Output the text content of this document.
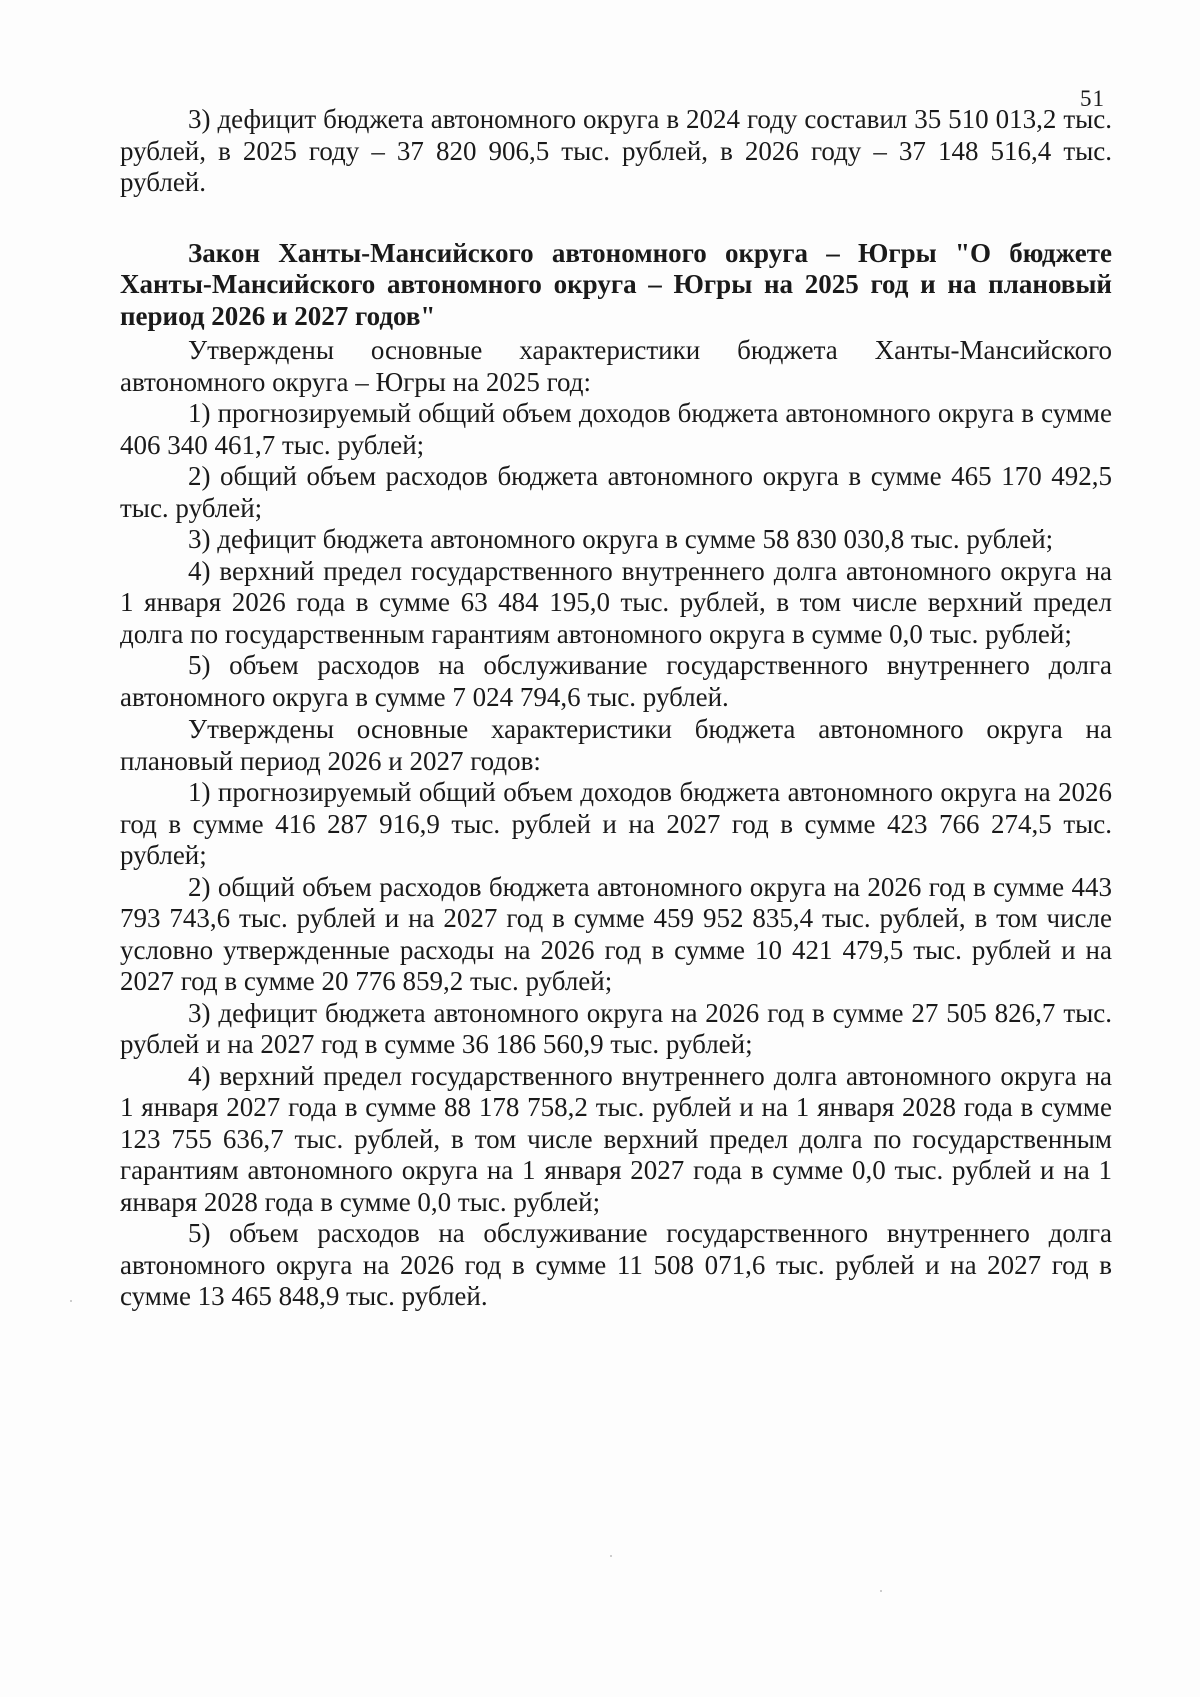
51

3) дефицит бюджета автономного округа в 2024 году составил 35 510 013,2 тыс. рублей, в 2025 году – 37 820 906,5 тыс. рублей, в 2026 году – 37 148 516,4 тыс. рублей.

Закон Ханты-Мансийского автономного округа – Югры "О бюджете Ханты-Мансийского автономного округа – Югры на 2025 год и на плановый период 2026 и 2027 годов"

Утверждены основные характеристики бюджета Ханты-Мансийского автономного округа – Югры на 2025 год:

1) прогнозируемый общий объем доходов бюджета автономного округа в сумме 406 340 461,7 тыс. рублей;

2) общий объем расходов бюджета автономного округа в сумме 465 170 492,5 тыс. рублей;

3) дефицит бюджета автономного округа в сумме 58 830 030,8 тыс. рублей;

4) верхний предел государственного внутреннего долга автономного округа на 1 января 2026 года в сумме 63 484 195,0 тыс. рублей, в том числе верхний предел долга по государственным гарантиям автономного округа в сумме 0,0 тыс. рублей;

5) объем расходов на обслуживание государственного внутреннего долга автономного округа в сумме 7 024 794,6 тыс. рублей.

Утверждены основные характеристики бюджета автономного округа на плановый период 2026 и 2027 годов:

1) прогнозируемый общий объем доходов бюджета автономного округа на 2026 год в сумме 416 287 916,9 тыс. рублей и на 2027 год в сумме 423 766 274,5 тыс. рублей;

2) общий объем расходов бюджета автономного округа на 2026 год в сумме 443 793 743,6 тыс. рублей и на 2027 год в сумме 459 952 835,4 тыс. рублей, в том числе условно утвержденные расходы на 2026 год в сумме 10 421 479,5 тыс. рублей и на 2027 год в сумме 20 776 859,2 тыс. рублей;

3) дефицит бюджета автономного округа на 2026 год в сумме 27 505 826,7 тыс. рублей и на 2027 год в сумме 36 186 560,9 тыс. рублей;

4) верхний предел государственного внутреннего долга автономного округа на 1 января 2027 года в сумме 88 178 758,2 тыс. рублей и на 1 января 2028 года в сумме 123 755 636,7 тыс. рублей, в том числе верхний предел долга по государственным гарантиям автономного округа на 1 января 2027 года в сумме 0,0 тыс. рублей и на 1 января 2028 года в сумме 0,0 тыс. рублей;

5) объем расходов на обслуживание государственного внутреннего долга автономного округа на 2026 год в сумме 11 508 071,6 тыс. рублей и на 2027 год в сумме 13 465 848,9 тыс. рублей.
